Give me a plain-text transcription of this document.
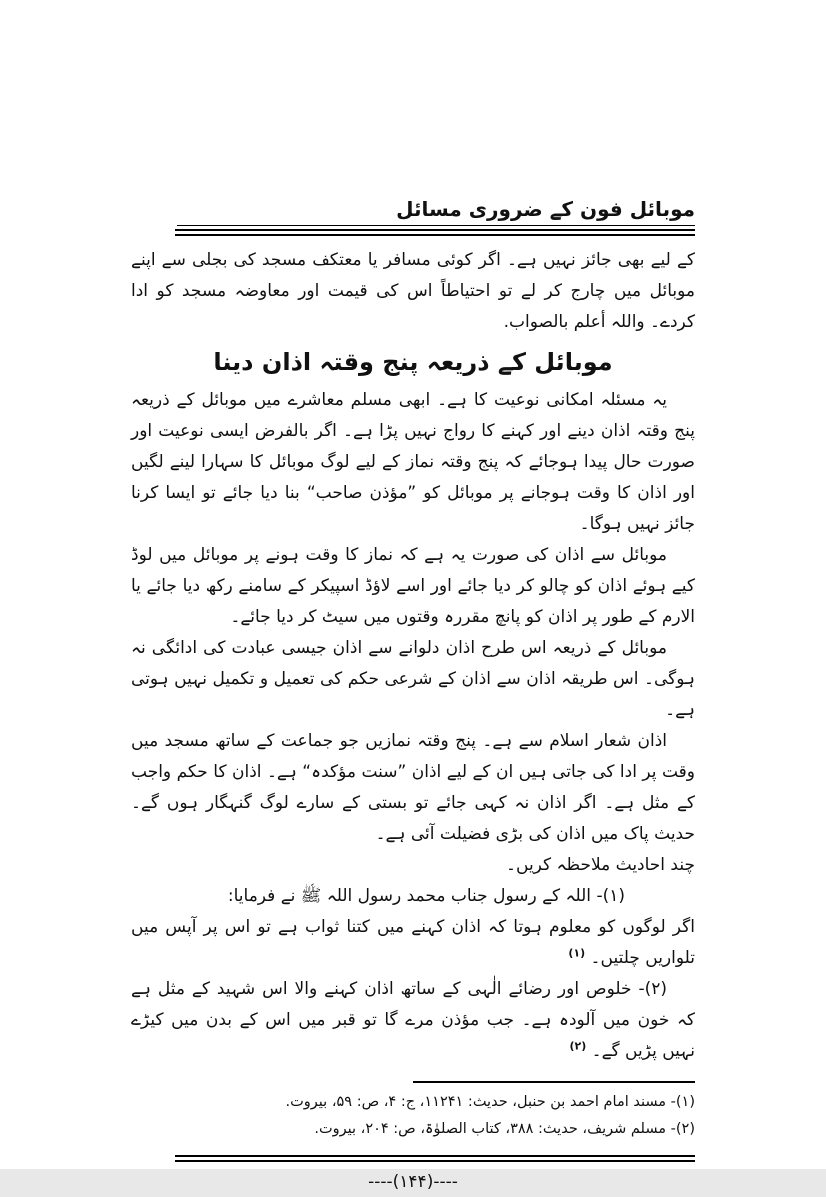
موبائل فون کے ضروری مسائل

کے لیے بھی جائز نہیں ہے۔ اگر کوئی مسافر یا معتکف مسجد کی بجلی سے اپنے موبائل میں چارج کر لے تو احتیاطاً اس کی قیمت اور معاوضہ مسجد کو ادا کردے۔ واللہ أعلم بالصواب.

موبائل کے ذریعہ پنج وقتہ اذان دینا

یہ مسئلہ امکانی نوعیت کا ہے۔ ابھی مسلم معاشرے میں موبائل کے ذریعہ پنج وقتہ اذان دینے اور کہنے کا رواج نہیں پڑا ہے۔ اگر بالفرض ایسی نوعیت اور صورت حال پیدا ہوجائے کہ پنج وقتہ نماز کے لیے لوگ موبائل کا سہارا لینے لگیں اور اذان کا وقت ہوجانے پر موبائل کو ”مؤذن صاحب“ بنا دیا جائے تو ایسا کرنا جائز نہیں ہوگا۔

موبائل سے اذان کی صورت یہ ہے کہ نماز کا وقت ہونے پر موبائل میں لوڈ کیے ہوئے اذان کو چالو کر دیا جائے اور اسے لاؤڈ اسپیکر کے سامنے رکھ دیا جائے یا الارم کے طور پر اذان کو پانچ مقررہ وقتوں میں سیٹ کر دیا جائے۔

موبائل کے ذریعہ اس طرح اذان دلوانے سے اذان جیسی عبادت کی ادائگی نہ ہوگی۔ اس طریقہ اذان سے اذان کے شرعی حکم کی تعمیل و تکمیل نہیں ہوتی ہے۔

اذان شعار اسلام سے ہے۔ پنج وقتہ نمازیں جو جماعت کے ساتھ مسجد میں وقت پر ادا کی جاتی ہیں ان کے لیے اذان ”سنت مؤکدہ“ ہے۔ اذان کا حکم واجب کے مثل ہے۔ اگر اذان نہ کہی جائے تو بستی کے سارے لوگ گنہگار ہوں گے۔ حدیث پاک میں اذان کی بڑی فضیلت آئی ہے۔

چند احادیث ملاحظہ کریں۔

(۱)- اللہ کے رسول جناب محمد رسول اللہ ﷺ نے فرمایا:

اگر لوگوں کو معلوم ہوتا کہ اذان کہنے میں کتنا ثواب ہے تو اس پر آپس میں تلواریں چلتیں۔ $^{(۱)}$

(۲)- خلوص اور رضائے الٰہی کے ساتھ اذان کہنے والا اس شہید کے مثل ہے کہ خون میں آلودہ ہے۔ جب مؤذن مرے گا تو قبر میں اس کے بدن میں کیڑے نہیں پڑیں گے۔ $^{(۲)}$

(۱)- مسند امام احمد بن حنبل، حدیث: ۱۱۲۴۱، ج: ۴، ص: ۵۹، بیروت.

(۲)- مسلم شریف، حدیث: ۳۸۸، کتاب الصلوٰۃ، ص: ۲۰۴، بیروت.

----(۱۴۴)----
